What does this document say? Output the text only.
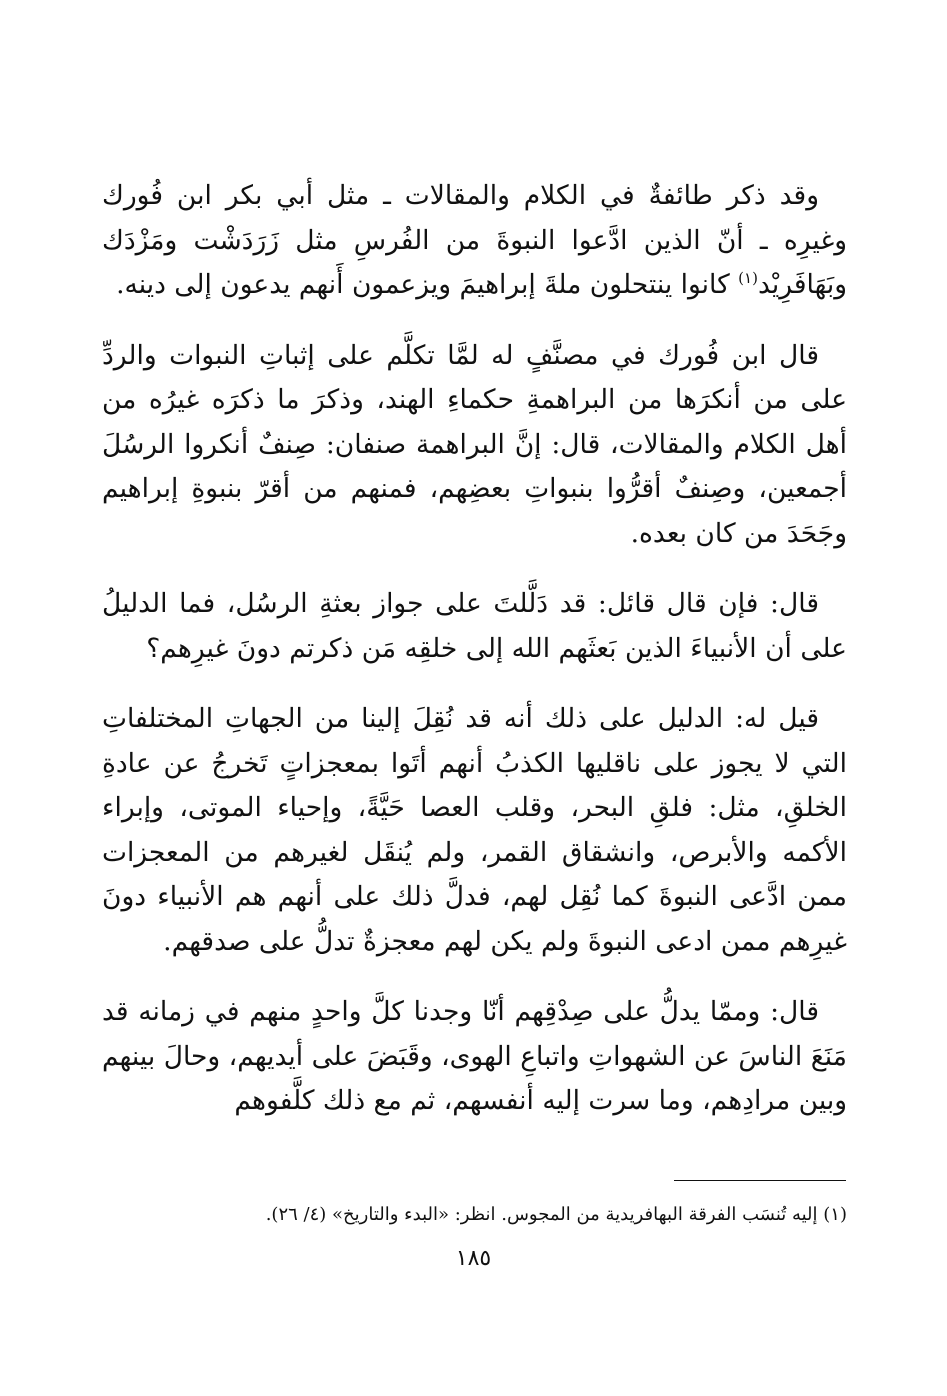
وقد ذكر طائفةٌ في الكلام والمقالات ـ مثل أبي بكر ابن فُورك وغيرِه ـ أنّ الذين ادَّعوا النبوةَ من الفُرسِ مثل زَرَدَشْت ومَزْدَك وبَهَافَرِيْد$^{(١)}$ كانوا ينتحلون ملةَ إبراهيمَ ويزعمون أَنهم يدعون إلى دينه.

قال ابن فُورك في مصنَّفٍ له لمَّا تكلَّم على إثباتِ النبوات والردِّ على من أنكرَها من البراهمةِ حكماءِ الهند، وذكرَ ما ذكرَه غيرُه من أهل الكلام والمقالات، قال: إنَّ البراهمة صنفان: صِنفٌ أنكروا الرسُلَ أجمعين، وصِنفٌ أقرُّوا بنبواتِ بعضِهم، فمنهم من أقرّ بنبوةِ إبراهيم وجَحَدَ من كان بعده.

قال: فإن قال قائل: قد دَلَّلتَ على جواز بعثةِ الرسُل، فما الدليلُ على أن الأنبياءَ الذين بَعثَهم الله إلى خلقِه مَن ذكرتم دونَ غيرِهم؟

قيل له: الدليل على ذلك أنه قد نُقِلَ إلينا من الجهاتِ المختلفاتِ التي لا يجوز على ناقليها الكذبُ أنهم أتَوا بمعجزاتٍ تَخرجُ عن عادةِ الخلقِ، مثل: فلقِ البحر، وقلب العصا حَيَّةً، وإحياء الموتى، وإبراء الأكمه والأبرص، وانشقاق القمر، ولم يُنقَل لغيرهم من المعجزات ممن ادَّعى النبوةَ كما نُقِل لهم، فدلَّ ذلك على أنهم هم الأنبياء دونَ غيرِهم ممن ادعى النبوةَ ولم يكن لهم معجزةٌ تدلُّ على صدقهم.

قال: وممّا يدلُّ على صِدْقِهم أنّا وجدنا كلَّ واحدٍ منهم في زمانه قد مَنَعَ الناسَ عن الشهواتِ واتباعِ الهوى، وقَبَضَ على أيديهم، وحالَ بينهم وبين مرادِهم، وما سرت إليه أنفسهم، ثم مع ذلك كلَّفوهم

(١) إليه تُنسَب الفرقة البهافريدية من المجوس. انظر: «البدء والتاريخ» (٤/ ٢٦).
١٨٥
